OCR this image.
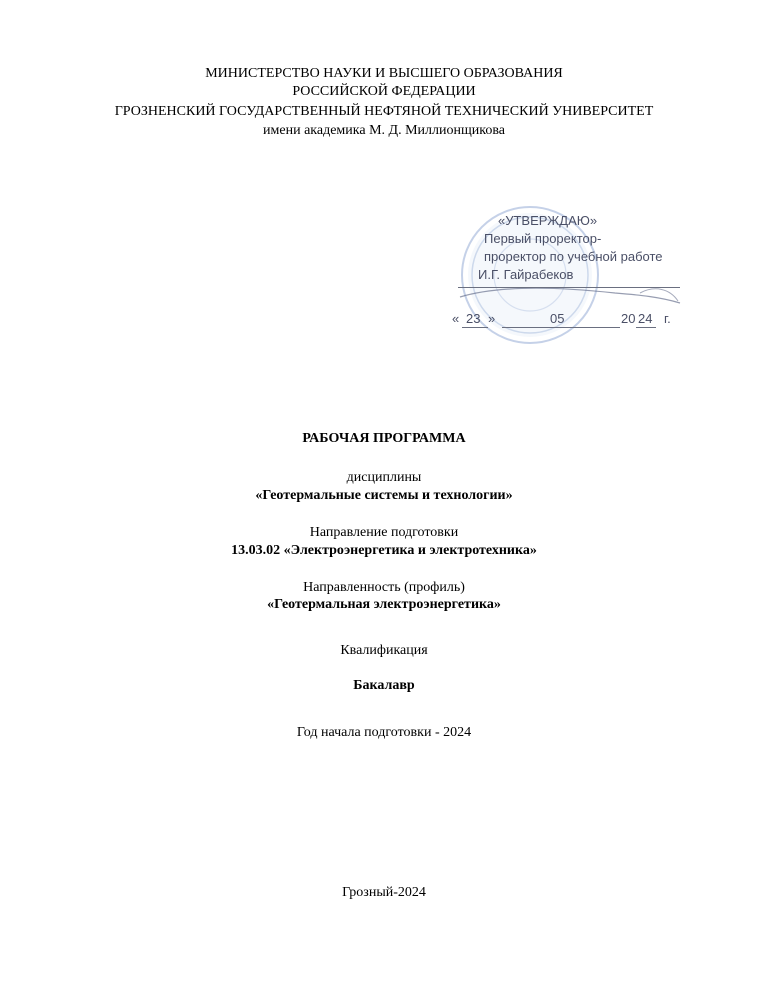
МИНИСТЕРСТВО НАУКИ И ВЫСШЕГО ОБРАЗОВАНИЯ
РОССИЙСКОЙ ФЕДЕРАЦИИ
ГРОЗНЕНСКИЙ ГОСУДАРСТВЕННЫЙ НЕФТЯНОЙ ТЕХНИЧЕСКИЙ УНИВЕРСИТЕТ
имени академика М. Д. Миллионщикова
«УТВЕРЖДАЮ»
Первый проректор-
проректор по учебной работе
И.Г. Гайрабеков
« 23 »	05	20 24 г.
РАБОЧАЯ ПРОГРАММА
дисциплины
«Геотермальные системы и технологии»
Направление подготовки
13.03.02 «Электроэнергетика и электротехника»
Направленность (профиль)
«Геотермальная электроэнергетика»
Квалификация
Бакалавр
Год начала подготовки - 2024
Грозный-2024
